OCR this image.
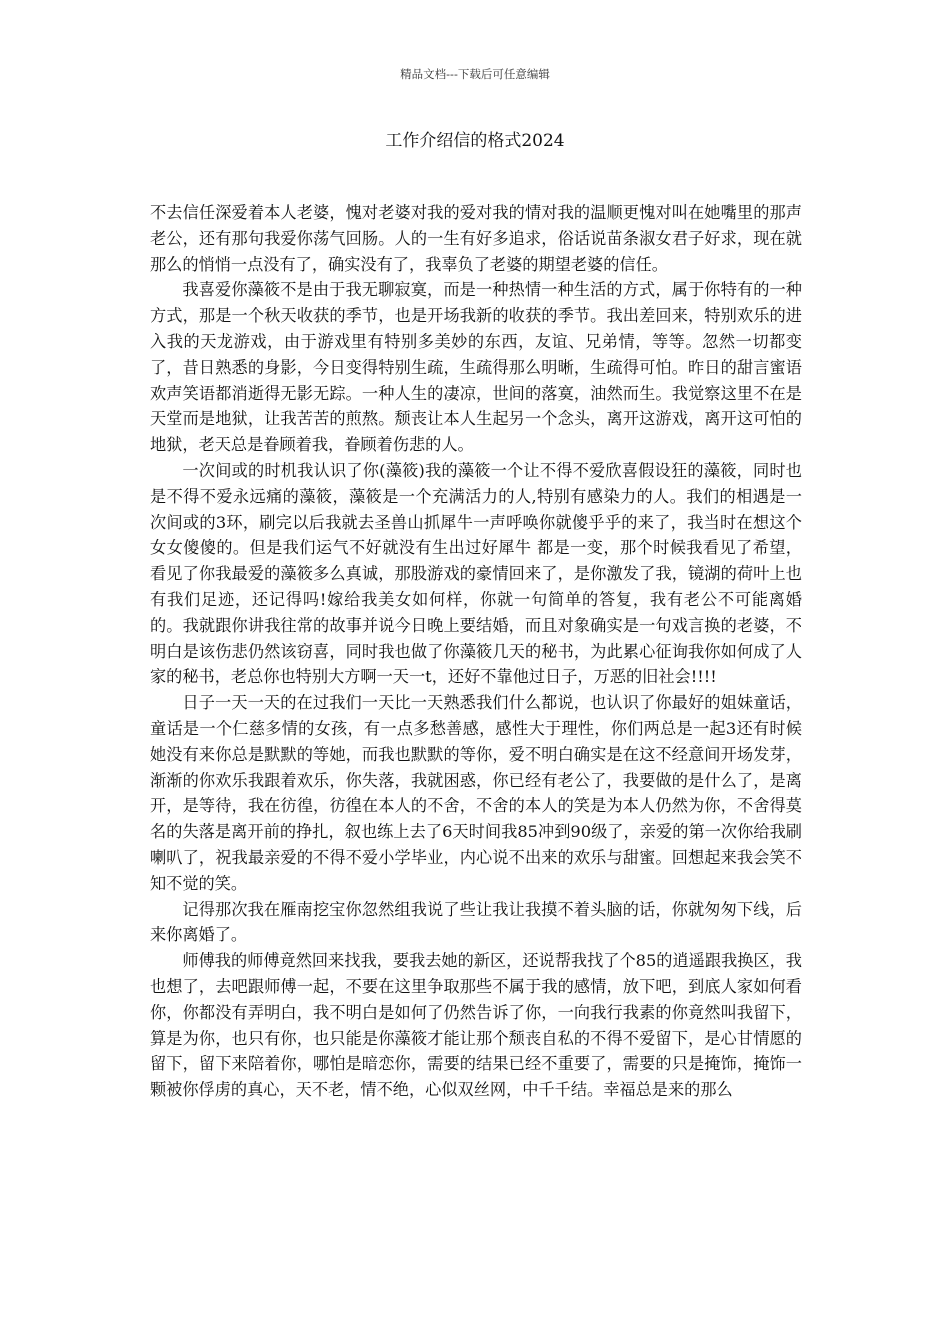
精品文档---下载后可任意编辑
工作介绍信的格式2024

不去信任深爱着本人老婆，愧对老婆对我的爱对我的情对我的温顺更愧对叫在她嘴里的那声老公，还有那句我爱你荡气回肠。人的一生有好多追求，俗话说苗条淑女君子好求，现在就那么的悄悄一点没有了，确实没有了，我辜负了老婆的期望老婆的信任。

我喜爱你藻筱不是由于我无聊寂寞，而是一种热情一种生活的方式，属于你特有的一种方式，那是一个秋天收获的季节，也是开场我新的收获的季节。我出差回来，特别欢乐的进入我的天龙游戏，由于游戏里有特别多美妙的东西，友谊、兄弟情，等等。忽然一切都变了，昔日熟悉的身影，今日变得特别生疏，生疏得那么明晰，生疏得可怕。昨日的甜言蜜语欢声笑语都消逝得无影无踪。一种人生的凄凉，世间的落寞，油然而生。我觉察这里不在是天堂而是地狱，让我苦苦的煎熬。颓丧让本人生起另一个念头，离开这游戏，离开这可怕的地狱，老天总是眷顾着我，眷顾着伤悲的人。

一次间或的时机我认识了你(藻筱)我的藻筱一个让不得不爱欣喜假设狂的藻筱，同时也是不得不爱永远痛的藻筱，藻筱是一个充满活力的人,特别有感染力的人。我们的相遇是一次间或的3环，刷完以后我就去圣兽山抓犀牛一声呼唤你就傻乎乎的来了，我当时在想这个女女傻傻的。但是我们运气不好就没有生出过好犀牛 都是一变，那个时候我看见了希望，看见了你我最爱的藻筱多么真诚，那股游戏的豪情回来了，是你激发了我，镜湖的荷叶上也有我们足迹，还记得吗!嫁给我美女如何样，你就一句简单的答复，我有老公不可能离婚的。我就跟你讲我往常的故事并说今日晚上要结婚，而且对象确实是一句戏言换的老婆，不明白是该伤悲仍然该窃喜，同时我也做了你藻筱几天的秘书，为此累心征询我你如何成了人家的秘书，老总你也特别大方啊一天一t，还好不靠他过日子，万恶的旧社会!!!!

日子一天一天的在过我们一天比一天熟悉我们什么都说，也认识了你最好的姐妹童话，童话是一个仁慈多情的女孩，有一点多愁善感，感性大于理性，你们两总是一起3还有时候她没有来你总是默默的等她，而我也默默的等你，爱不明白确实是在这不经意间开场发芽，渐渐的你欢乐我跟着欢乐，你失落，我就困惑，你已经有老公了，我要做的是什么了，是离开，是等待，我在彷徨，彷徨在本人的不舍，不舍的本人的笑是为本人仍然为你，不舍得莫名的失落是离开前的挣扎，叙也练上去了6天时间我85冲到90级了，亲爱的第一次你给我刷喇叭了，祝我最亲爱的不得不爱小学毕业，内心说不出来的欢乐与甜蜜。回想起来我会笑不知不觉的笑。

记得那次我在雁南挖宝你忽然组我说了些让我让我摸不着头脑的话，你就匆匆下线，后来你离婚了。

师傅我的师傅竟然回来找我，要我去她的新区，还说帮我找了个85的逍遥跟我换区，我也想了，去吧跟师傅一起，不要在这里争取那些不属于我的感情，放下吧，到底人家如何看你，你都没有弄明白，我不明白是如何了仍然告诉了你，一向我行我素的你竟然叫我留下，算是为你，也只有你，也只能是你藻筱才能让那个颓丧自私的不得不爱留下，是心甘情愿的留下，留下来陪着你，哪怕是暗恋你，需要的结果已经不重要了，需要的只是掩饰，掩饰一颗被你俘虏的真心，天不老，情不绝，心似双丝网，中千千结。幸福总是来的那么
